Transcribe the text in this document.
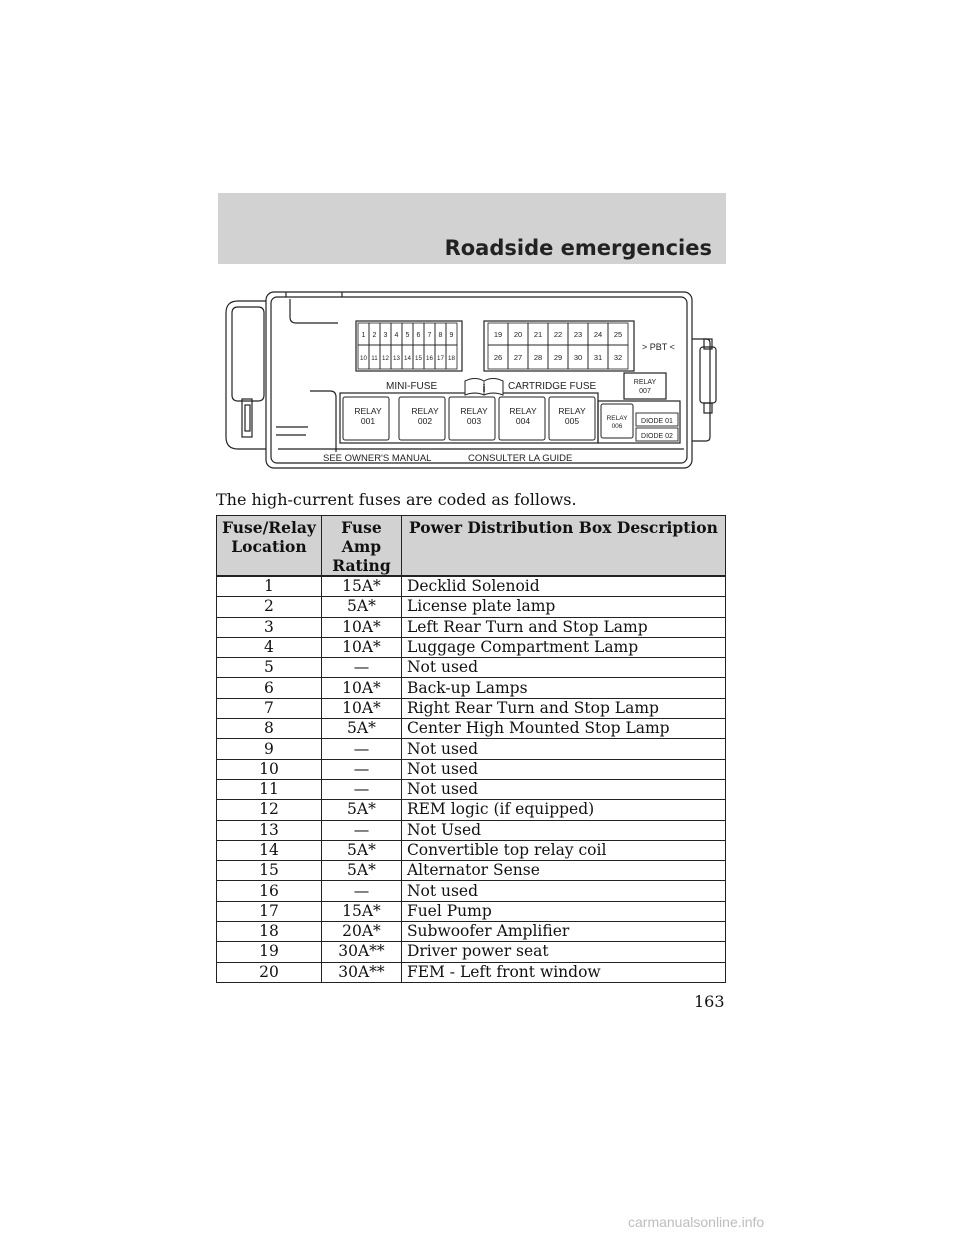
Roadside emergencies
1 2 3 4 5 6 7 8 9
10 11 12 13 14 15 16 17 18
19 20 21 22 23 24 25
26 27 28 29 30 31 32
> PBT <
MINI-FUSE	CARTRIDGE FUSE
i
RELAY
001
RELAY
002
RELAY
003
RELAY
004
RELAY
005	RELAY
006
DIODE 01
DIODE 02
RELAY
007
SEE OWNER'S MANUAL	CONSULTER LA GUIDE

The high-current fuses are coded as follows.

Fuse/Relay Location	Fuse Amp Rating	Power Distribution Box Description
1	15A*	Decklid Solenoid
2	5A*	License plate lamp
3	10A*	Left Rear Turn and Stop Lamp
4	10A*	Luggage Compartment Lamp
5	—	Not used
6	10A*	Back-up Lamps
7	10A*	Right Rear Turn and Stop Lamp
8	5A*	Center High Mounted Stop Lamp
9	—	Not used
10	—	Not used
11	—	Not used
12	5A*	REM logic (if equipped)
13	—	Not Used
14	5A*	Convertible top relay coil
15	5A*	Alternator Sense
16	—	Not used
17	15A*	Fuel Pump
18	20A*	Subwoofer Amplifier
19	30A**	Driver power seat
20	30A**	FEM - Left front window

163

carmanualsonline.info
